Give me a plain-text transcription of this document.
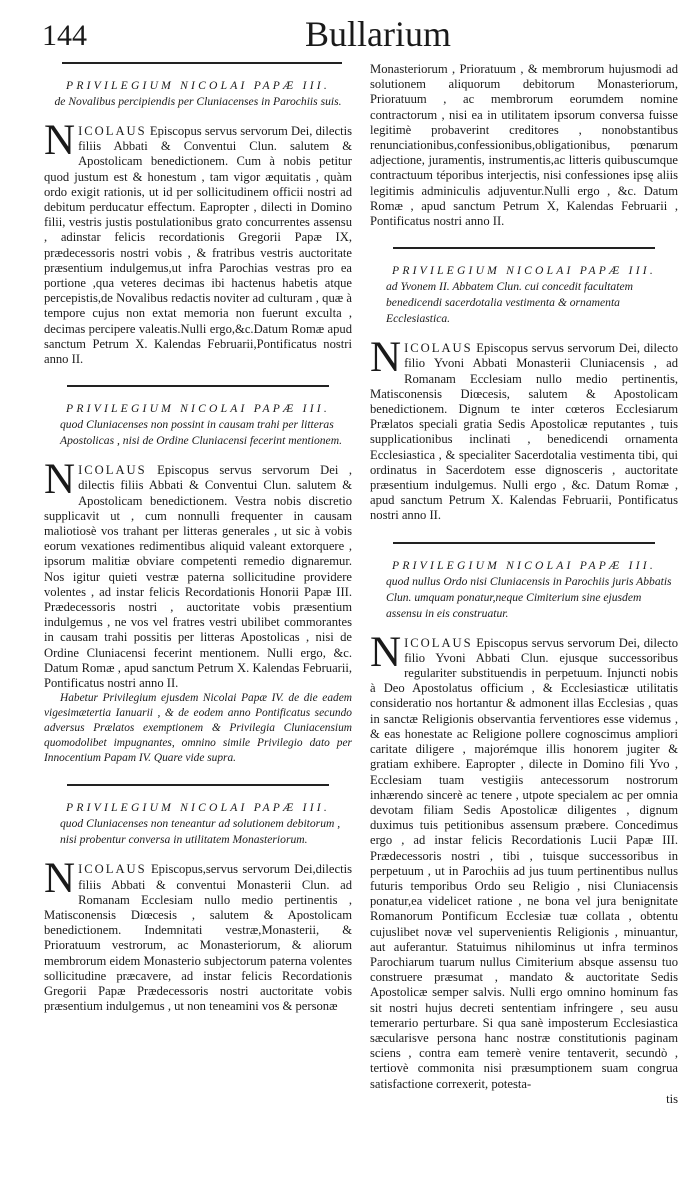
144	Bullarium
PRIVILEGIUM NICOLAI PAPÆ III.
de Novalibus percipiendis per Cluniacenses in Parochiis suis.

N ICOLAUS Episcopus servus servorum Dei, dilectis filiis Abbati & Conventui Clun. salutem & Apostolicam benedictionem. Cum à nobis petitur quod justum est & honestum , tam vigor æquitatis , quàm ordo exigit rationis, ut id per sollicitudinem officii nostri ad debitum perducatur effectum. Eapropter , dilecti in Domino filii, vestris justis postulationibus grato concurrentes assensu , adinstar felicis recordationis Gregorii Papæ IX, prædecessoris nostri vobis , & fratribus vestris auctoritate præsentium indulgemus,ut infra Parochias vestras pro ea portione ,qua veteres decimas ibi hactenus habetis atque percepistis,de Novalibus redactis noviter ad culturam , quæ à tempore cujus non extat memoria non fuerunt exculta , decimas percipere valeatis.Nulli ergo,&c.Datum Romæ apud sanctum Petrum X. Kalendas Februarii,Pontificatus nostri anno II.

PRIVILEGIUM NICOLAI PAPÆ III.
quod Cluniacenses non possint in causam trahi per litteras Apostolicas , nisi de Ordine Cluniacensi fecerint mentionem.

N ICOLAUS Episcopus servus servorum Dei , dilectis filiis Abbati & Conventui Clun. salutem & Apostolicam benedictionem. Vestra nobis discretio supplicavit ut , cum nonnulli frequenter in causam maliotiosè vos trahant per litteras generales , ut sic à vobis eorum vexationes redimentibus aliquid valeant extorquere , ipsorum malitiæ obviare competenti remedio dignaremur. Nos igitur quieti vestræ paterna sollicitudine providere volentes , ad instar felicis Recordationis Honorii Papæ III. Prædecessoris nostri , auctoritate vobis præsentium indulgemus , ne vos vel fratres vestri ubilibet commorantes in causam trahi possitis per litteras Apostolicas , nisi de Ordine Cluniacensi fecerint mentionem. Nulli ergo, &c. Datum Romæ , apud sanctum Petrum X. Kalendas Februarii, Pontificatus nostri anno II.

Habetur Privilegium ejusdem Nicolai Papæ IV. de die eadem vigesimætertia Ianuarii , & de eodem anno Pontificatus secundo adversus Prælatos exemptionem & Privilegia Cluniacensium quomodolibet impugnantes, omnino simile Privilegio dato per Innocentium Papam IV. Quare vide supra.

PRIVILEGIUM NICOLAI PAPÆ III.
quod Cluniacenses non teneantur ad solutionem debitorum , nisi probentur conversa in utilitatem Monasteriorum.

N ICOLAUS Episcopus,servus servorum Dei,dilectis filiis Abbati & conventui Monasterii Clun. ad Romanam Ecclesiam nullo medio pertinentis , Matisconensis Diœcesis , salutem & Apostolicam benedictionem. Indemnitati vestræ,Monasterii, & Prioratuum vestrorum, ac Monasteriorum, & aliorum membrorum eidem Monasterio subjectorum paterna volentes sollicitudine præcavere, ad instar felicis Recordationis Gregorii Papæ Prædecessoris nostri auctoritate vobis præsentium indulgemus , ut non teneamini vos & personæ

Monasteriorum , Prioratuum , & membrorum hujusmodi ad solutionem aliquorum debitorum Monasteriorum, Prioratuum , ac membrorum eorumdem nomine contractorum , nisi ea in utilitatem ipsorum conversa fuisse legitimè probaverint creditores , nonobstantibus renunciationibus,confessionibus,obligationibus, pœnarum adjectione, juramentis, instrumentis,ac litteris quibuscumque contractuum téporibus interjectis, nisi confessiones ipsę aliis legitimis adminiculis adjuventur.Nulli ergo , &c. Datum Romæ , apud sanctum Petrum X, Kalendas Februarii , Pontificatus nostri anno II.

PRIVILEGIUM NICOLAI PAPÆ III.
ad Yvonem II. Abbatem Clun. cui concedit facultatem benedicendi sacerdotalia vestimenta & ornamenta Ecclesiastica.

N ICOLAUS Episcopus servus servorum Dei, dilecto filio Yvoni Abbati Monasterii Cluniacensis , ad Romanam Ecclesiam nullo medio pertinentis, Matisconensis Diœcesis, salutem & Apostolicam benedictionem. Dignum te inter cœteros Ecclesiarum Prælatos speciali gratia Sedis Apostolicæ reputantes , tuis supplicationibus inclinati , benedicendi ornamenta Ecclesiastica , & specialiter Sacerdotalia vestimenta tibi, qui ordinatus in Sacerdotem esse dignosceris , auctoritate præsentium indulgemus. Nulli ergo , &c. Datum Romæ , apud sanctum Petrum X. Kalendas Februarii, Pontificatus nostri anno II.

PRIVILEGIUM NICOLAI PAPÆ III.
quod nullus Ordo nisi Cluniacensis in Parochiis juris Abbatis Clun. umquam ponatur,neque Cimiterium sine ejusdem assensu in eis construatur.

N ICOLAUS Episcopus servus servorum Dei, dilecto filio Yvoni Abbati Clun. ejusque successoribus regulariter substituendis in perpetuum. Injuncti nobis à Deo Apostolatus officium , & Ecclesiasticæ utilitatis consideratio nos hortantur & admonent illas Ecclesias , quas in sanctæ Religionis observantia ferventiores esse videmus , & eas honestate ac Religione pollere cognoscimus ampliori caritate diligere , majorémque illis honorem jugiter & gratiam exhibere. Eapropter , dilecte in Domino fili Yvo , Ecclesiam tuam vestigiis antecessorum nostrorum inhærendo sincerè ac tenere , utpote specialem ac per omnia devotam filiam Sedis Apostolicæ diligentes , dignum duximus tuis petitionibus assensum præbere. Concedimus ergo , ad instar felicis Recordationis Lucii Papæ III. Prædecessoris nostri , tibi , tuisque successoribus in perpetuum , ut in Parochiis ad jus tuum pertinentibus nullus futuris temporibus Ordo seu Religio , nisi Cluniacensis ponatur,ea videlicet ratione , ne bona vel jura benignitate Romanorum Pontificum Ecclesiæ tuæ collata , obtentu cujuslibet novæ vel supervenientis Religionis , minuantur, aut auferantur. Statuimus nihilominus ut infra terminos Parochiarum tuarum nullus Cimiterium absque assensu tuo construere præsumat , mandato & auctoritate Sedis Apostolicæ semper salvis. Nulli ergo omnino hominum fas sit nostri hujus decreti sententiam infringere , seu ausu temerario perturbare. Si qua sanè imposterum Ecclesiastica sæcularisve persona hanc nostræ constitutionis paginam sciens , contra eam temerè venire tentaverit, secundò , tertiovè commonita nisi præsumptionem suam congrua satisfactione correxerit, potesta-

tis
